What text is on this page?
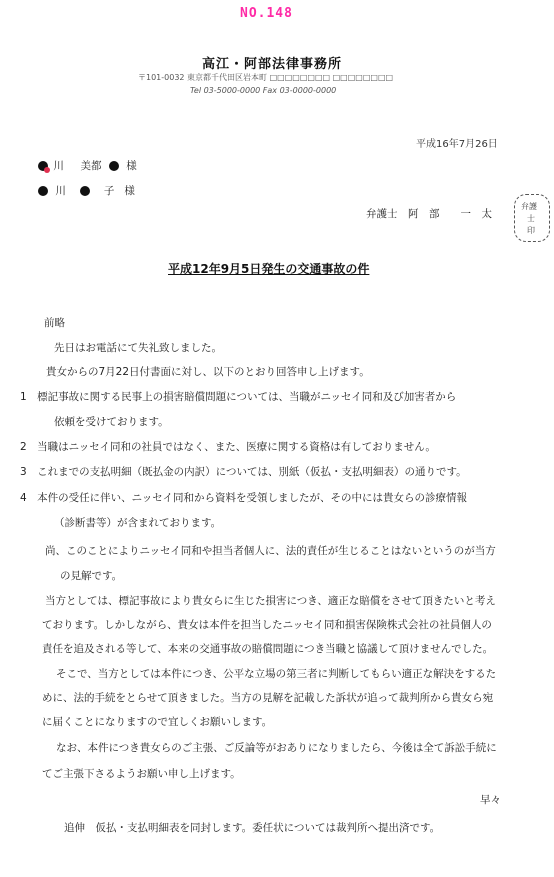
NO.148
高江・阿部法律事務所
〒101-0032 東京都千代田区岩本町 □□□□□□□□ □□□□□□□□
Tel 03-5000-0000 Fax 03-0000-0000
平成16年7月26日
川 美都 様
川	子 様
弁護士　阿　部　　一　太
弁護
士
印
平成12年9月5日発生の交通事故の件
前略
先日はお電話にて失礼致しました。
貴女からの7月22日付書面に対し、以下のとおり回答申し上げます。
1　標記事故に関する民事上の損害賠償問題については、当職がニッセイ同和及び加害者から
依頼を受けております。
2　当職はニッセイ同和の社員ではなく、また、医療に関する資格は有しておりません。
3　これまでの支払明細（既払金の内訳）については、別紙（仮払・支払明細表）の通りです。
4　本件の受任に伴い、ニッセイ同和から資料を受領しましたが、その中には貴女らの診療情報
（診断書等）が含まれております。
尚、このことによりニッセイ同和や担当者個人に、法的責任が生じることはないというのが当方
の見解です。
当方としては、標記事故により貴女らに生じた損害につき、適正な賠償をさせて頂きたいと考え
ております。しかしながら、貴女は本件を担当したニッセイ同和損害保険株式会社の社員個人の
責任を追及される等して、本来の交通事故の賠償問題につき当職と協議して頂けませんでした。
そこで、当方としては本件につき、公平な立場の第三者に判断してもらい適正な解決をするた
めに、法的手続をとらせて頂きました。当方の見解を記載した訴状が追って裁判所から貴女ら宛
に届くことになりますので宜しくお願いします。
なお、本件につき貴女らのご主張、ご反論等がおありになりましたら、今後は全て訴訟手続に
てご主張下さるようお願い申し上げます。
早々
追伸　仮払・支払明細表を同封します。委任状については裁判所へ提出済です。
